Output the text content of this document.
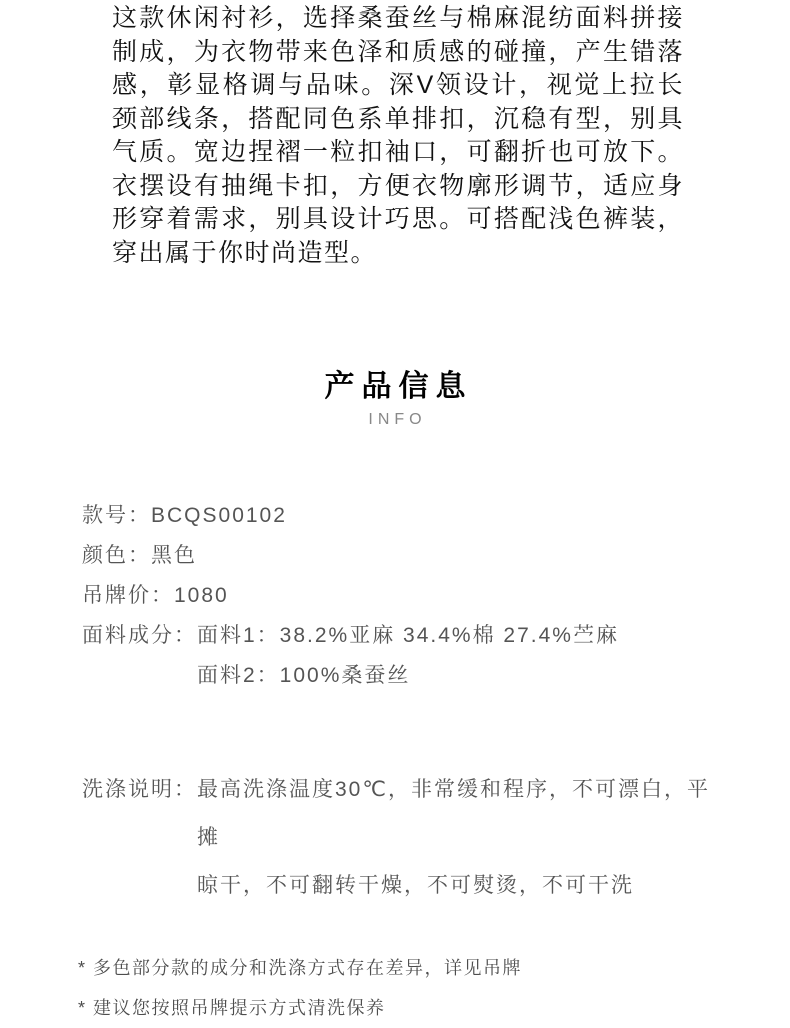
这款休闲衬衫，选择桑蚕丝与棉麻混纺面料拼接制成，为衣物带来色泽和质感的碰撞，产生错落感，彰显格调与品味。深V领设计，视觉上拉长颈部线条，搭配同色系单排扣，沉稳有型，别具气质。宽边捏褶一粒扣袖口，可翻折也可放下。衣摆设有抽绳卡扣，方便衣物廓形调节，适应身形穿着需求，别具设计巧思。可搭配浅色裤装，穿出属于你时尚造型。
产品信息
INFO
款号： BCQS00102
颜色： 黑色
吊牌价： 1080
面料成分： 面料1：38.2%亚麻 34.4%棉 27.4%苎麻
面料2：100%桑蚕丝
洗涤说明： 最高洗涤温度30℃，非常缓和程序，不可漂白，平摊
晾干，不可翻转干燥，不可熨烫，不可干洗
* 多色部分款的成分和洗涤方式存在差异，详见吊牌
* 建议您按照吊牌提示方式清洗保养
